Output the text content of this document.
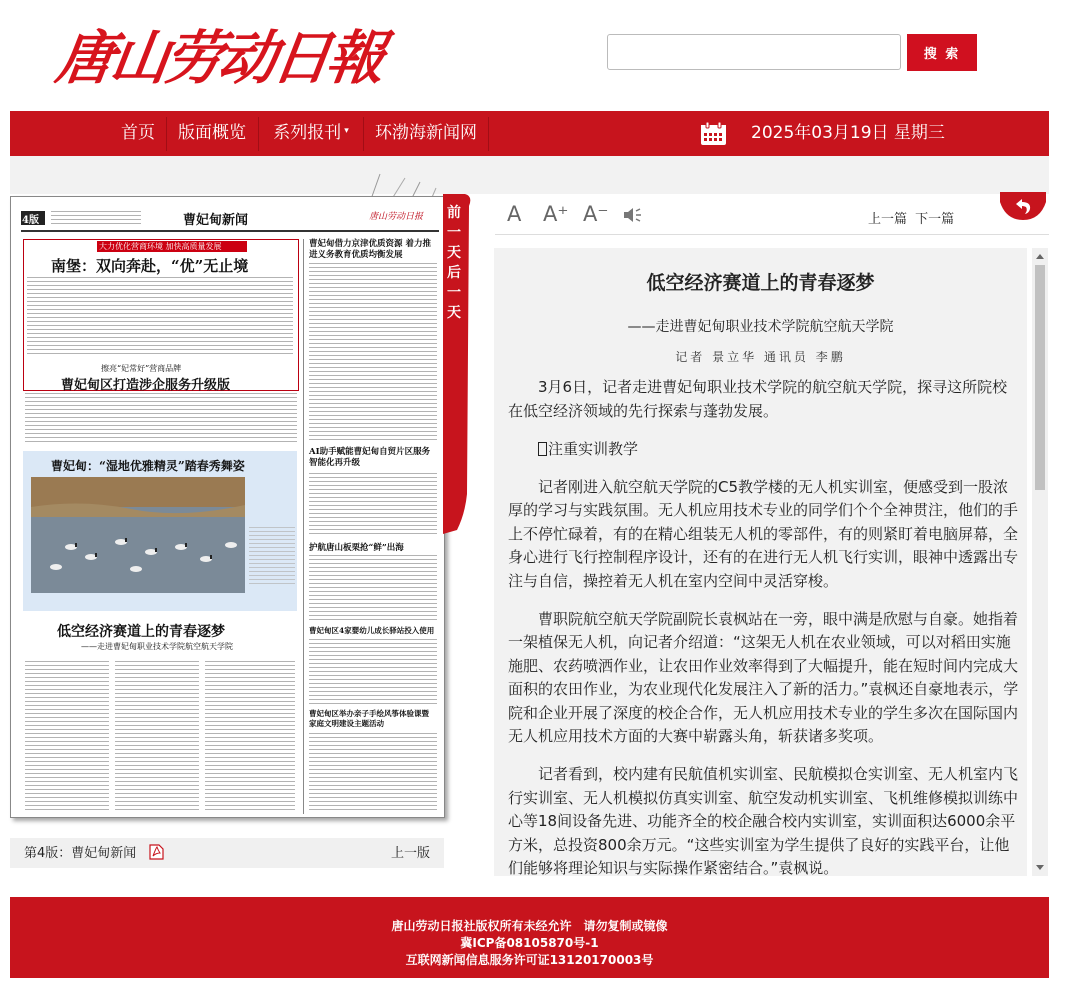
唐山劳动日報	搜 索
首页	版面概览	系列报刊 ▾	环渤海新闻网	2025年03月19日 星期三
4版	曹妃甸新闻	唐山劳动日报
大力优化营商环境 加快高质量发展
南堡：双向奔赴，“优”无止境
擦亮“妃常好”营商品牌
曹妃甸区打造涉企服务升级版
曹妃甸：“湿地优雅精灵”踏春秀舞姿
低空经济赛道上的青春逐梦
——走进曹妃甸职业技术学院航空航天学院
曹妃甸借力京津优质资源 着力推进义务教育优质均衡发展
AI助手赋能曹妃甸自贸片区服务智能化再升级
护航唐山板栗抢“鲜”出海
曹妃甸区4家婴幼儿成长驿站投入使用
曹妃甸区举办亲子手绘风筝体验课暨家庭文明建设主题活动
前
一
天
后
一
天
第4版：曹妃甸新闻	上一版
A A⁺ A⁻	上一篇 下一篇
低空经济赛道上的青春逐梦
——走进曹妃甸职业技术学院航空航天学院
记者 景立华 通讯员 李鹏

3月6日，记者走进曹妃甸职业技术学院的航空航天学院，探寻这所院校在低空经济领域的先行探索与蓬勃发展。

注重实训教学

记者刚进入航空航天学院的C5教学楼的无人机实训室，便感受到一股浓厚的学习与实践氛围。无人机应用技术专业的同学们个个全神贯注，他们的手上不停忙碌着，有的在精心组装无人机的零部件，有的则紧盯着电脑屏幕，全身心进行飞行控制程序设计，还有的在进行无人机飞行实训，眼神中透露出专注与自信，操控着无人机在室内空间中灵活穿梭。

曹职院航空航天学院副院长袁枫站在一旁，眼中满是欣慰与自豪。她指着一架植保无人机，向记者介绍道：“这架无人机在农业领域，可以对稻田实施施肥、农药喷洒作业，让农田作业效率得到了大幅提升，能在短时间内完成大面积的农田作业，为农业现代化发展注入了新的活力。”袁枫还自豪地表示，学院和企业开展了深度的校企合作，无人机应用技术专业的学生多次在国际国内无人机应用技术方面的大赛中崭露头角，斩获诸多奖项。

记者看到，校内建有民航值机实训室、民航模拟仓实训室、无人机室内飞行实训室、无人机模拟仿真实训室、航空发动机实训室、飞机维修模拟训练中心等18间设备先进、功能齐全的校企融合校内实训室，实训面积达6000余平方米，总投资800余万元。“这些实训室为学生提供了良好的实践平台，让他们能够将理论知识与实际操作紧密结合。”袁枫说。

唐山劳动日报社版权所有未经允许　请勿复制或镜像
冀ICP备08105870号-1
互联网新闻信息服务许可证13120170003号
